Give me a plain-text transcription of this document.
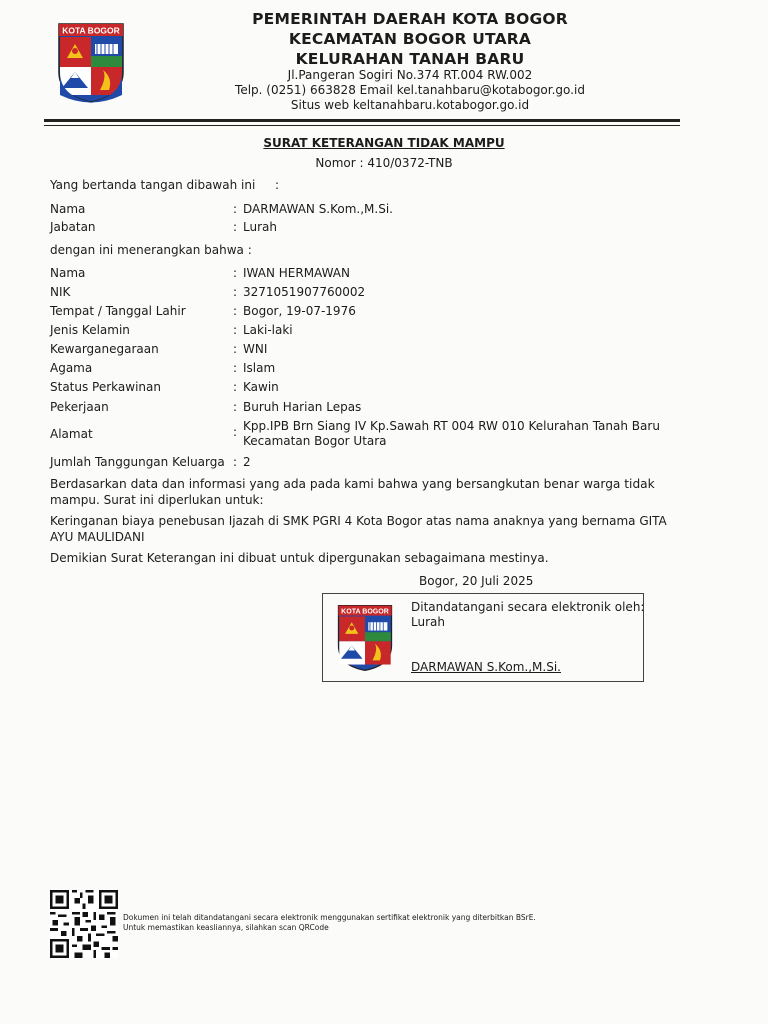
KOTA BOGOR
PEMERINTAH DAERAH KOTA BOGOR
KECAMATAN BOGOR UTARA
KELURAHAN TANAH BARU
Jl.Pangeran Sogiri No.374 RT.004 RW.002
Telp. (0251) 663828 Email kel.tanahbaru@kotabogor.go.id
Situs web keltanahbaru.kotabogor.go.id
SURAT KETERANGAN TIDAK MAMPU
Nomor : 410/0372-TNB
Yang bertanda tangan dibawah ini :
Nama	: DARMAWAN S.Kom.,M.Si.
Jabatan	: Lurah
dengan ini menerangkan bahwa :
Nama	: IWAN HERMAWAN
NIK	: 3271051907760002
Tempat / Tanggal Lahir	: Bogor, 19-07-1976
Jenis Kelamin	: Laki-laki
Kewarganegaraan	: WNI
Agama	: Islam
Status Perkawinan	: Kawin
Pekerjaan	: Buruh Harian Lepas
Alamat	: Kpp.IPB Brn Siang IV Kp.Sawah RT 004 RW 010 Kelurahan Tanah Baru
Kecamatan Bogor Utara
Jumlah Tanggungan Keluarga : 2
Berdasarkan data dan informasi yang ada pada kami bahwa yang bersangkutan benar warga tidak
mampu. Surat ini diperlukan untuk:
Keringanan biaya penebusan Ijazah di SMK PGRI 4 Kota Bogor atas nama anaknya yang bernama GITA
AYU MAULIDANI
Demikian Surat Keterangan ini dibuat untuk dipergunakan sebagaimana mestinya.
Bogor, 20 Juli 2025
KOTA BOGOR Ditandatangani secara elektronik oleh:
Lurah
DARMAWAN S.Kom.,M.Si.
Dokumen ini telah ditandatangani secara elektronik menggunakan sertifikat elektronik yang diterbitkan BSrE.
Untuk memastikan keasliannya, silahkan scan QRCode
